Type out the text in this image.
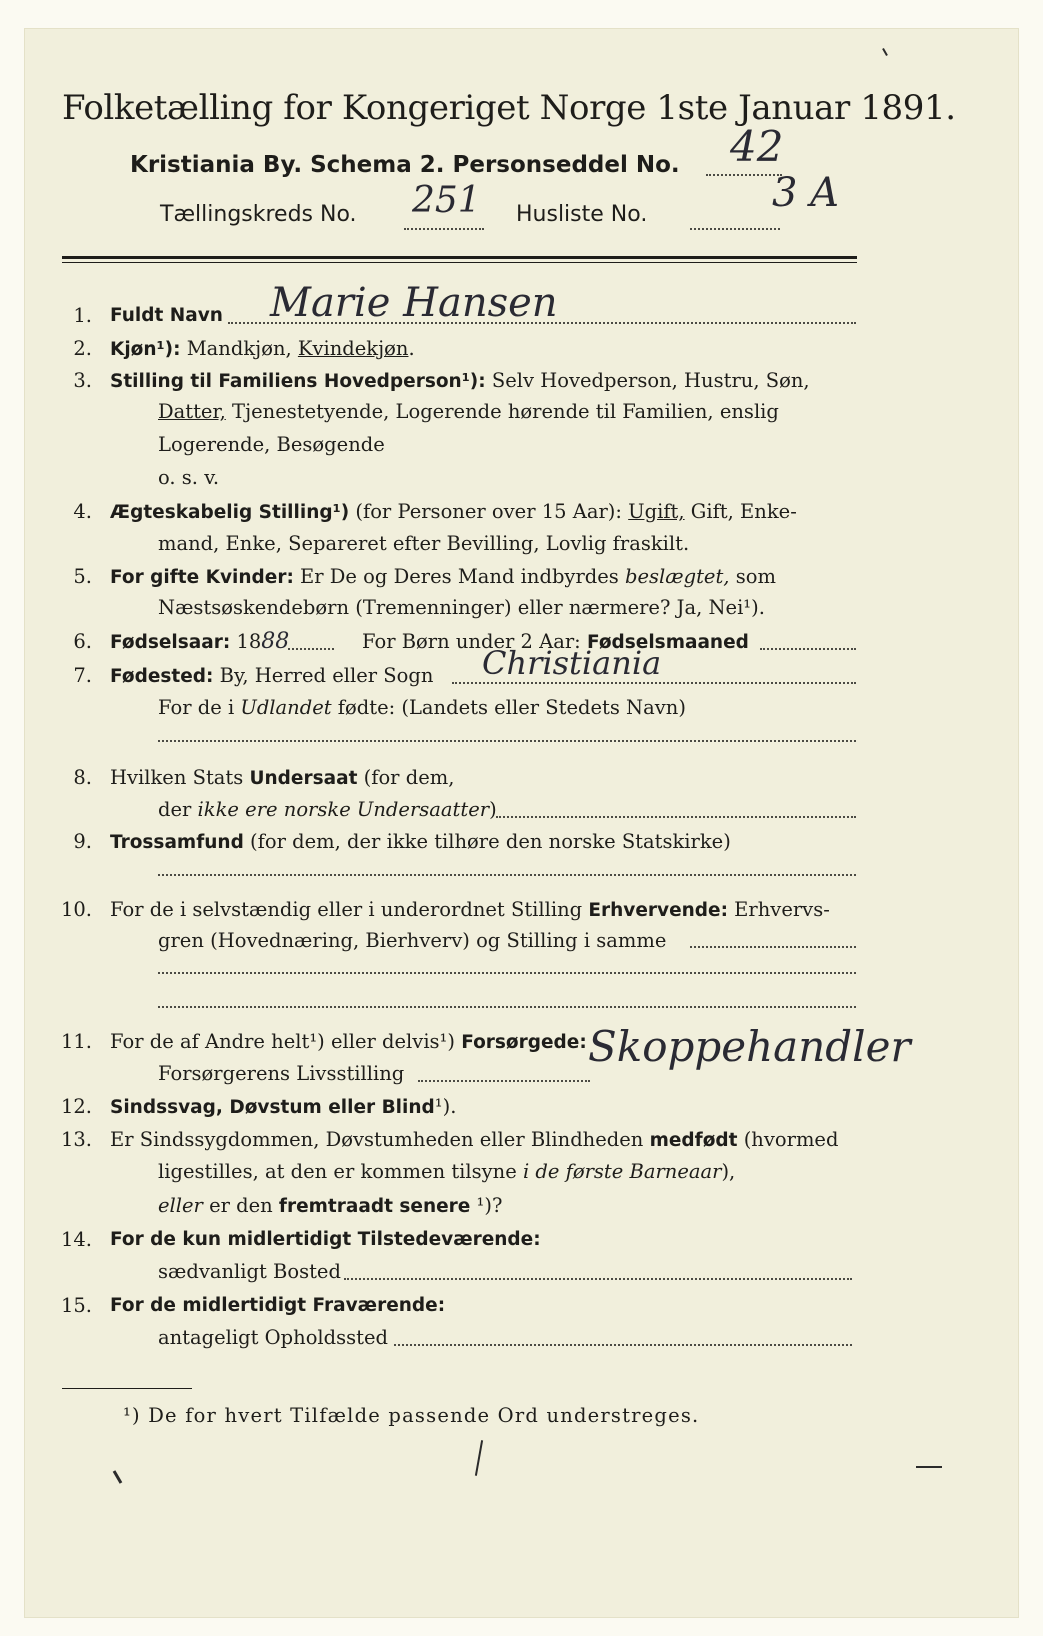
Folketælling for Kongeriget Norge 1ste Januar 1891.
Kristiania By. Schema 2. Personseddel No. 42
Tællingskreds No. 251 Husliste No.	3 A
1. Fuldt Navn Marie Hansen
2. Kjøn¹): Mandkjøn, Kvindekjøn.
3. Stilling til Familiens Hovedperson¹): Selv Hovedperson, Hustru, Søn,
Datter, Tjenestetyende, Logerende hørende til Familien, enslig
Logerende, Besøgende
o. s. v.
4. Ægteskabelig Stilling¹) (for Personer over 15 Aar): Ugift, Gift, Enke-
mand, Enke, Separeret efter Bevilling, Lovlig fraskilt.
5. For gifte Kvinder: Er De og Deres Mand indbyrdes beslægtet, som
Næstsøskendebørn (Tremenninger) eller nærmere? Ja, Nei¹).
6. Fødselsaar: 1888	For Børn under 2 Aar: Fødselsmaaned
7. Fødested: By, Herred eller Sogn Christiania
For de i Udlandet fødte: (Landets eller Stedets Navn)
8. Hvilken Stats Undersaat (for dem,
der ikke ere norske Undersaatter)
9. Trossamfund (for dem, der ikke tilhøre den norske Statskirke)
10. For de i selvstændig eller i underordnet Stilling Erhvervende: Erhvervs-
gren (Hovednæring, Bierhverv) og Stilling i samme
11. For de af Andre helt¹) eller delvis¹) Forsørgede:
Forsørgerens Livsstilling
Skoppehandler
12. Sindssvag, Døvstum eller Blind¹).
13. Er Sindssygdommen, Døvstumheden eller Blindheden medfødt (hvormed
ligestilles, at den er kommen tilsyne i de første Barneaar),
eller er den fremtraadt senere ¹)?
14. For de kun midlertidigt Tilstedeværende:
sædvanligt Bosted
15. For de midlertidigt Fraværende:
antageligt Opholdssted
¹) De for hvert Tilfælde passende Ord understreges.
